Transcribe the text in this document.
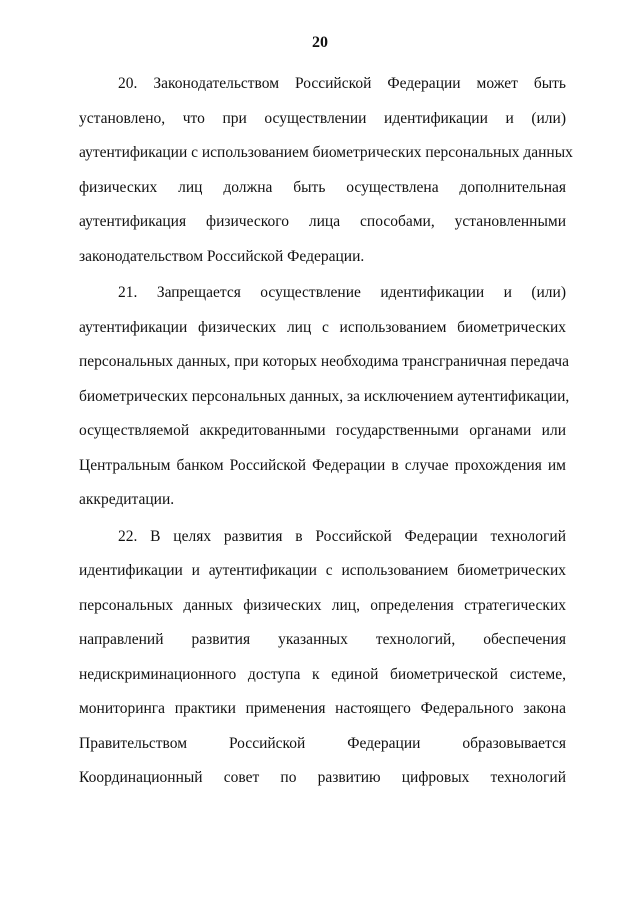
20
20. Законодательством Российской Федерации может быть
установлено, что при осуществлении идентификации и (или)
аутентификации с использованием биометрических персональных данных
физических лиц должна быть осуществлена дополнительная
аутентификация физического лица способами, установленными
законодательством Российской Федерации.
21. Запрещается осуществление идентификации и (или)
аутентификации физических лиц с использованием биометрических
персональных данных, при которых необходима трансграничная передача
биометрических персональных данных, за исключением аутентификации,
осуществляемой аккредитованными государственными органами или
Центральным банком Российской Федерации в случае прохождения им
аккредитации.
22. В целях развития в Российской Федерации технологий
идентификации и аутентификации с использованием биометрических
персональных данных физических лиц, определения стратегических
направлений развития указанных технологий, обеспечения
недискриминационного доступа к единой биометрической системе,
мониторинга практики применения настоящего Федерального закона
Правительством Российской Федерации образовывается
Координационный совет по развитию цифровых технологий
